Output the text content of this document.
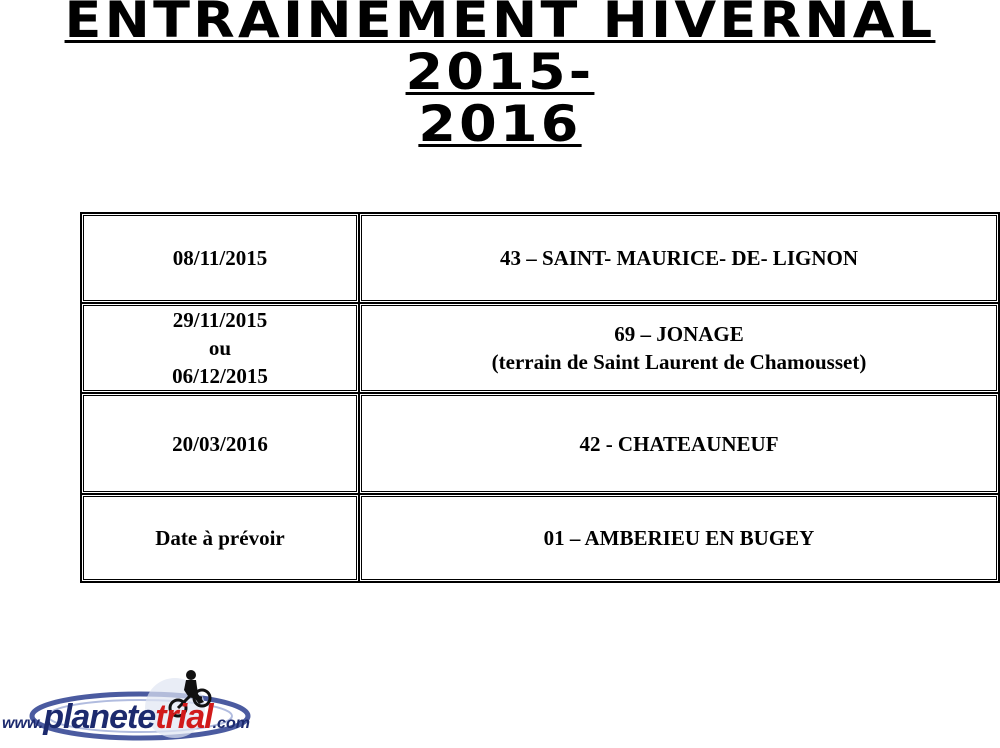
ENTRAINEMENT HIVERNAL 2015-
2016
08/11/2015	43 – SAINT- MAURICE- DE- LIGNON

29/11/2015
ou
06/12/2015	69 – JONAGE
(terrain de Saint Laurent de Chamousset)

20/03/2016	42 - CHATEAUNEUF

Date à prévoir	01 – AMBERIEU EN BUGEY
www.planetetrial.com
